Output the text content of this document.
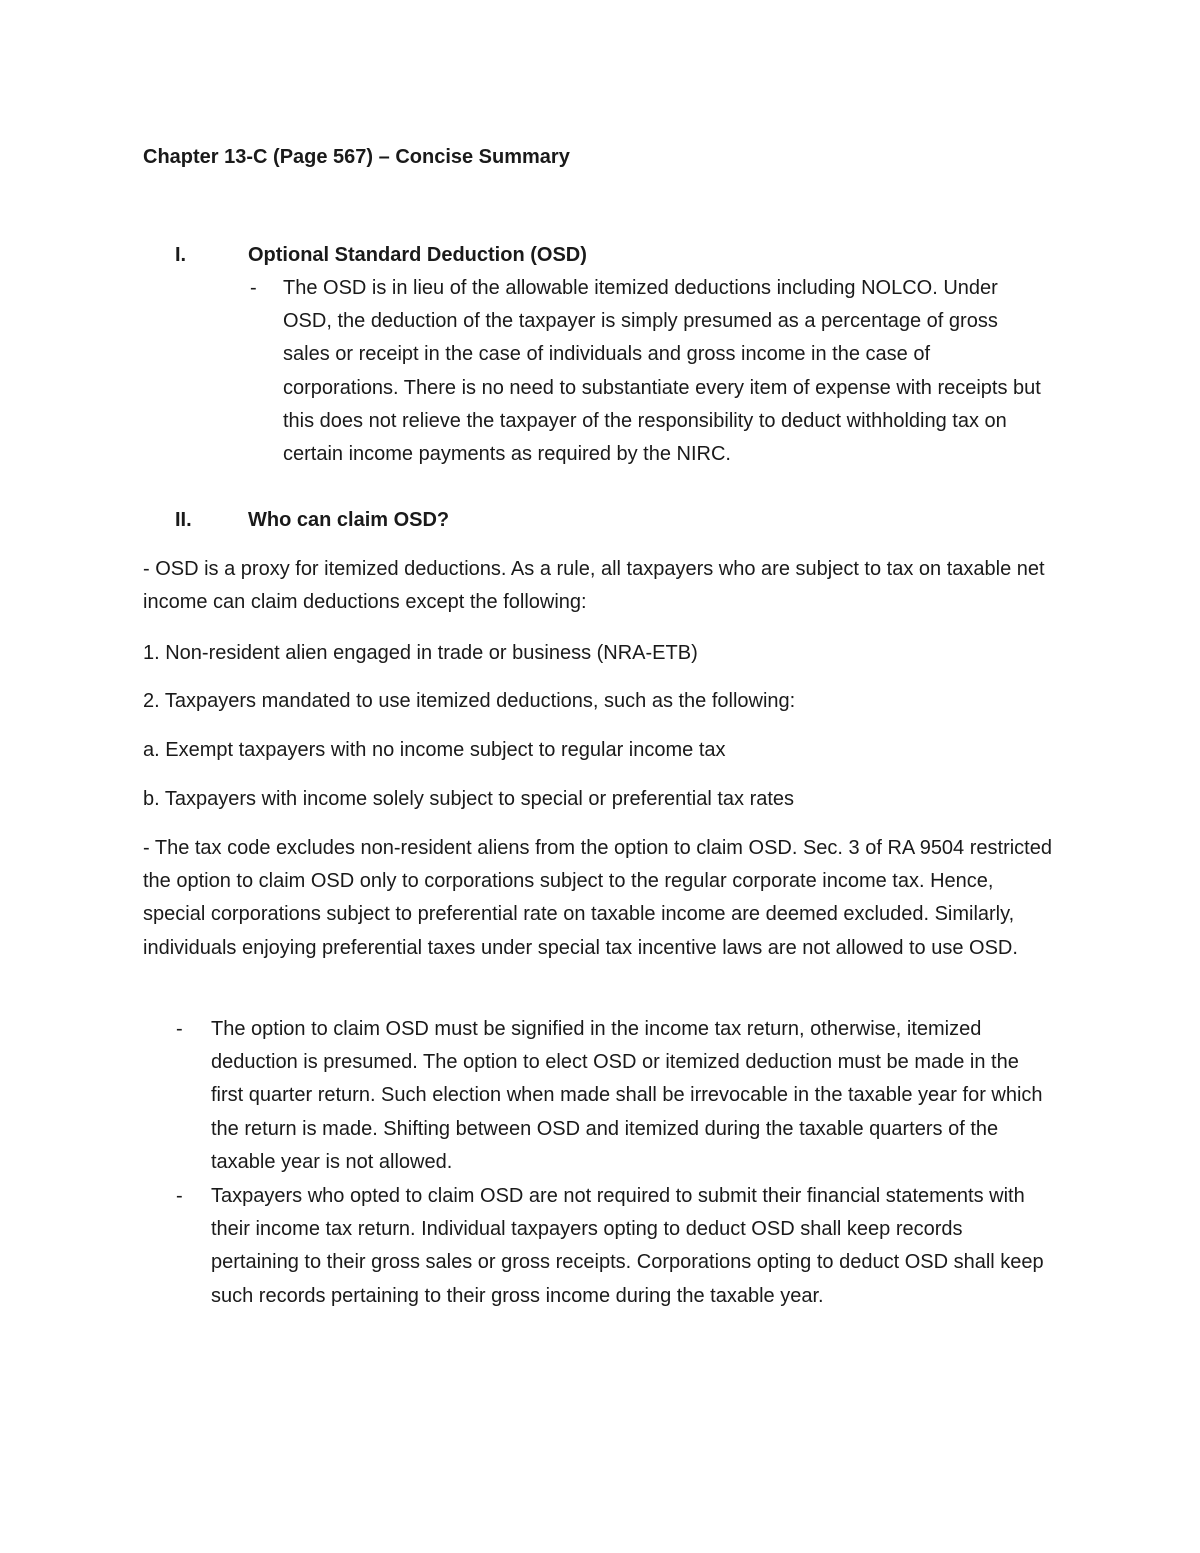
Chapter 13-C (Page 567) – Concise Summary
I.	Optional Standard Deduction (OSD)
- The OSD is in lieu of the allowable itemized deductions including NOLCO. Under OSD, the deduction of the taxpayer is simply presumed as a percentage of gross sales or receipt in the case of individuals and gross income in the case of corporations. There is no need to substantiate every item of expense with receipts but this does not relieve the taxpayer of the responsibility to deduct withholding tax on certain income payments as required by the NIRC.
II.	Who can claim OSD?
- OSD is a proxy for itemized deductions. As a rule, all taxpayers who are subject to tax on taxable net income can claim deductions except the following:
1. Non-resident alien engaged in trade or business (NRA-ETB)
2. Taxpayers mandated to use itemized deductions, such as the following:
a. Exempt taxpayers with no income subject to regular income tax
b. Taxpayers with income solely subject to special or preferential tax rates
- The tax code excludes non-resident aliens from the option to claim OSD. Sec. 3 of RA 9504 restricted the option to claim OSD only to corporations subject to the regular corporate income tax. Hence, special corporations subject to preferential rate on taxable income are deemed excluded. Similarly, individuals enjoying preferential taxes under special tax incentive laws are not allowed to use OSD.
- The option to claim OSD must be signified in the income tax return, otherwise, itemized deduction is presumed. The option to elect OSD or itemized deduction must be made in the first quarter return. Such election when made shall be irrevocable in the taxable year for which the return is made. Shifting between OSD and itemized during the taxable quarters of the taxable year is not allowed.
- Taxpayers who opted to claim OSD are not required to submit their financial statements with their income tax return. Individual taxpayers opting to deduct OSD shall keep records pertaining to their gross sales or gross receipts. Corporations opting to deduct OSD shall keep such records pertaining to their gross income during the taxable year.
